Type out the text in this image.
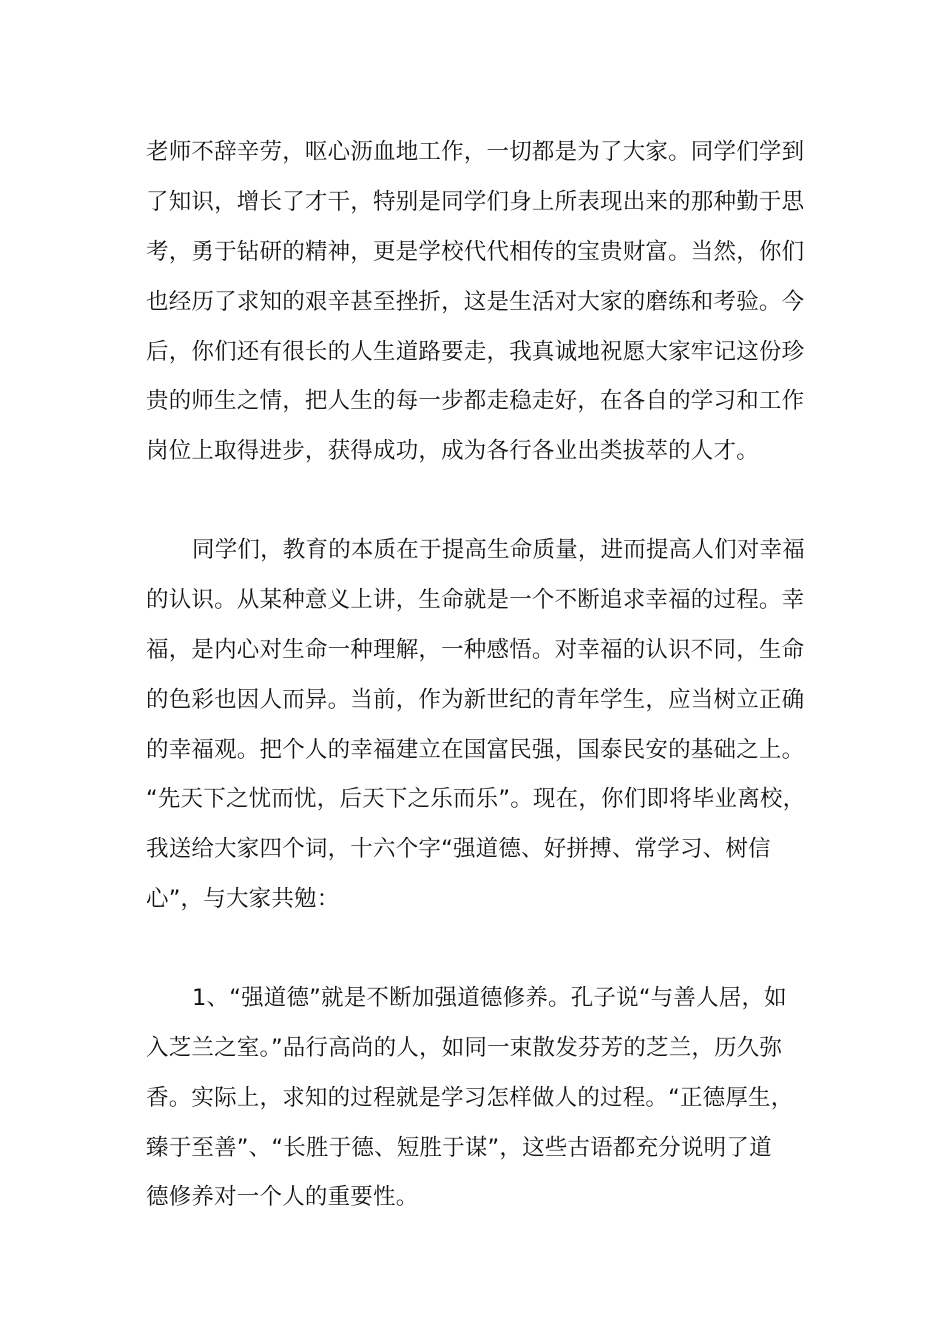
老师不辞辛劳，呕心沥血地工作，一切都是为了大家。同学们学到
了知识，增长了才干，特别是同学们身上所表现出来的那种勤于思
考，勇于钻研的精神，更是学校代代相传的宝贵财富。当然，你们
也经历了求知的艰辛甚至挫折，这是生活对大家的磨练和考验。今
后，你们还有很长的人生道路要走，我真诚地祝愿大家牢记这份珍
贵的师生之情，把人生的每一步都走稳走好，在各自的学习和工作
岗位上取得进步，获得成功，成为各行各业出类拔萃的人才。
同学们，教育的本质在于提高生命质量，进而提高人们对幸福
的认识。从某种意义上讲，生命就是一个不断追求幸福的过程。幸
福，是内心对生命一种理解，一种感悟。对幸福的认识不同，生命
的色彩也因人而异。当前，作为新世纪的青年学生，应当树立正确
的幸福观。把个人的幸福建立在国富民强，国泰民安的基础之上。
“先天下之忧而忧，后天下之乐而乐”。现在，你们即将毕业离校，
我送给大家四个词，十六个字“强道德、好拼搏、常学习、树信
心”，与大家共勉：
1、“强道德”就是不断加强道德修养。孔子说“与善人居，如
入芝兰之室。”品行高尚的人，如同一束散发芬芳的芝兰，历久弥
香。实际上，求知的过程就是学习怎样做人的过程。“正德厚生，
臻于至善”、“长胜于德、短胜于谋”，这些古语都充分说明了道
德修养对一个人的重要性。
